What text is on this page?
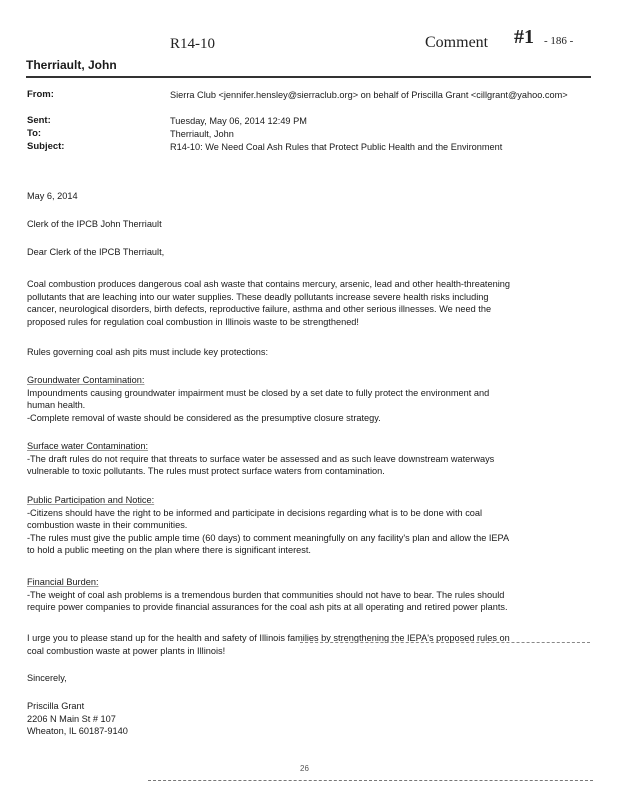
R14-10	Comment #1 - 186 -
Therriault, John
From:	Sierra Club <jennifer.hensley@sierraclub.org> on behalf of Priscilla Grant <cillgrant@yahoo.com>
Sent:	Tuesday, May 06, 2014 12:49 PM
To:	Therriault, John
Subject:	R14-10: We Need Coal Ash Rules that Protect Public Health and the Environment

May 6, 2014

Clerk of the IPCB John Therriault

Dear Clerk of the IPCB Therriault,

Coal combustion produces dangerous coal ash waste that contains mercury, arsenic, lead and other health-threatening
pollutants that are leaching into our water supplies. These deadly pollutants increase severe health risks including
cancer, neurological disorders, birth defects, reproductive failure, asthma and other serious illnesses. We need the
proposed rules for regulation coal combustion in Illinois waste to be strengthened!

Rules governing coal ash pits must include key protections:

Groundwater Contamination:
Impoundments causing groundwater impairment must be closed by a set date to fully protect the environment and
human health.
-Complete removal of waste should be considered as the presumptive closure strategy.

Surface water Contamination:
-The draft rules do not require that threats to surface water be assessed and as such leave downstream waterways
vulnerable to toxic pollutants. The rules must protect surface waters from contamination.

Public Participation and Notice:
-Citizens should have the right to be informed and participate in decisions regarding what is to be done with coal
combustion waste in their communities.
-The rules must give the public ample time (60 days) to comment meaningfully on any facility's plan and allow the IEPA
to hold a public meeting on the plan where there is significant interest.

Financial Burden:
-The weight of coal ash problems is a tremendous burden that communities should not have to bear. The rules should
require power companies to provide financial assurances for the coal ash pits at all operating and retired power plants.

I urge you to please stand up for the health and safety of Illinois families by strengthening the IEPA's proposed rules on
coal combustion waste at power plants in Illinois!

Sincerely,

Priscilla Grant
2206 N Main St # 107
Wheaton, IL 60187-9140

26
